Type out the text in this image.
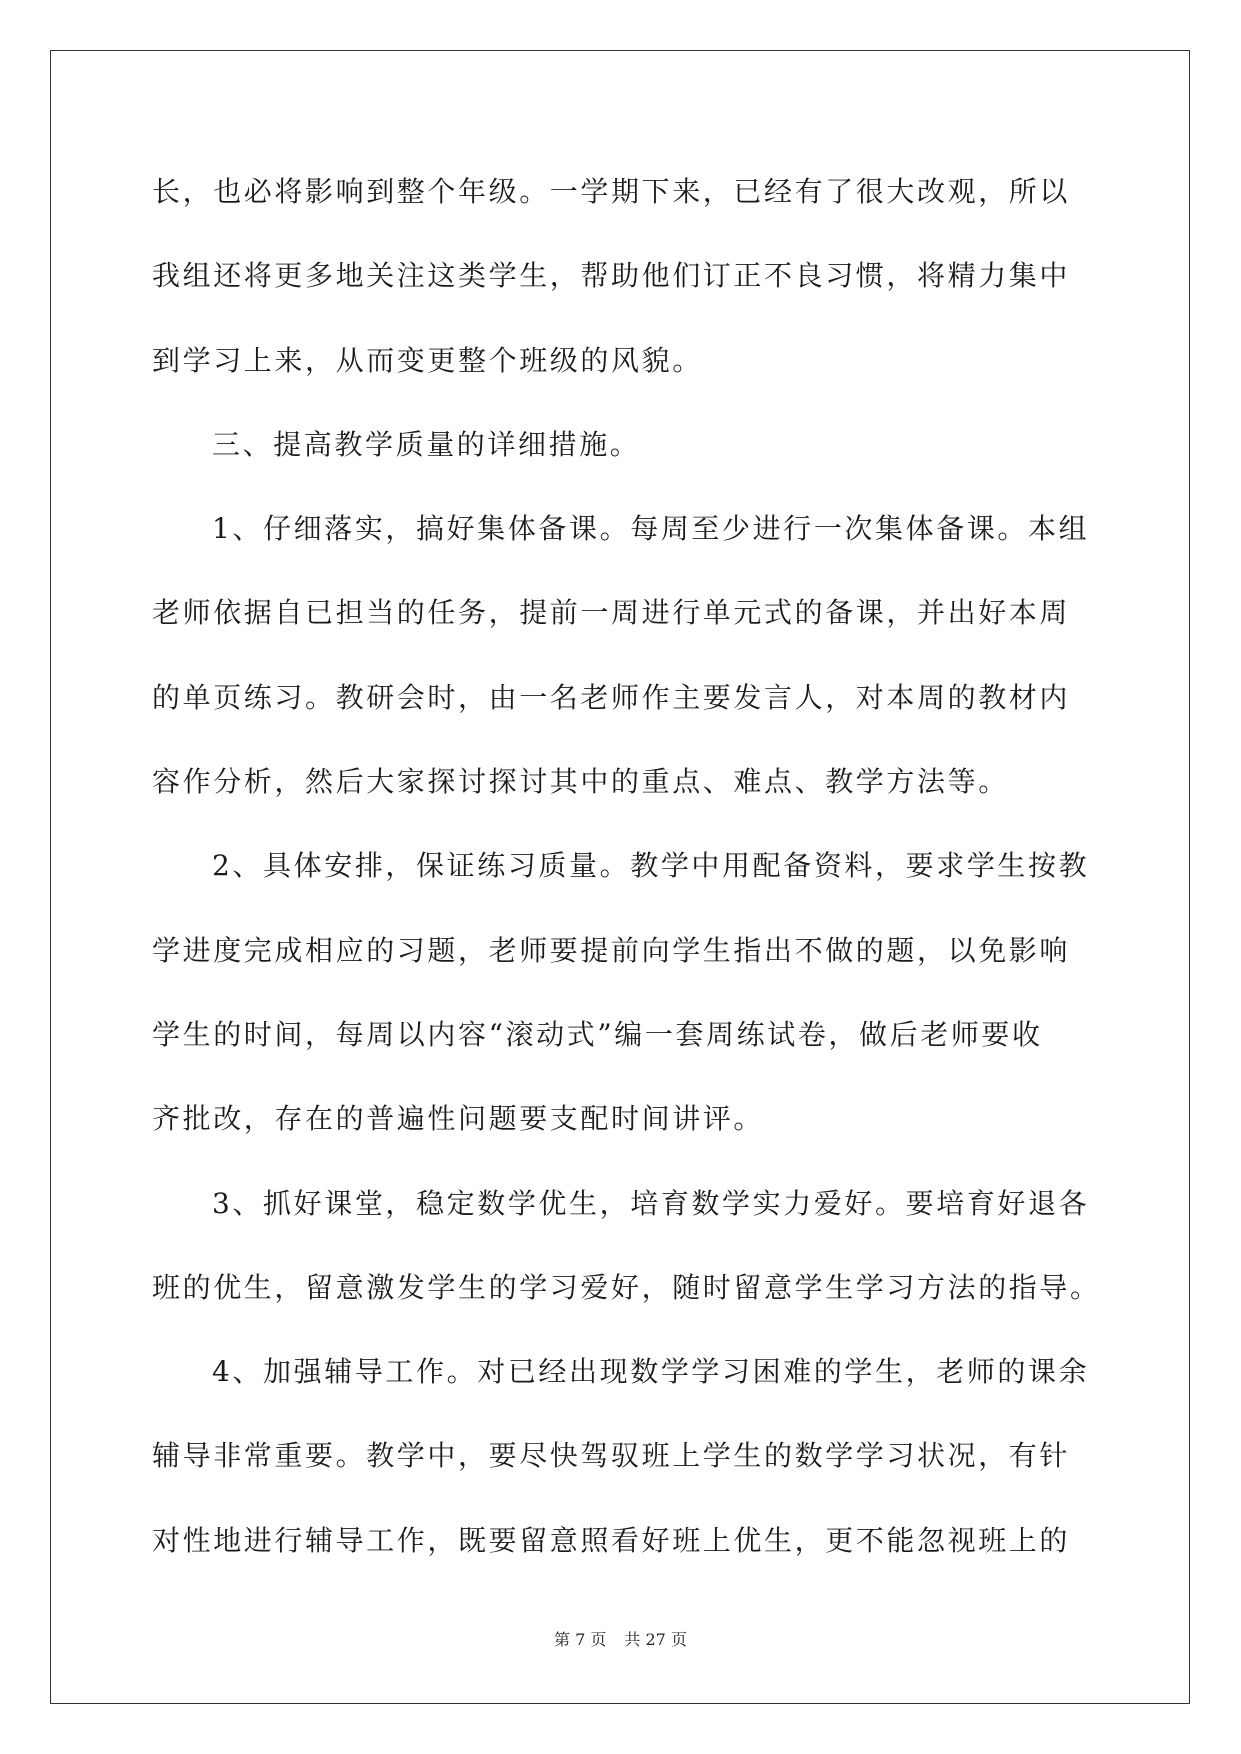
长，也必将影响到整个年级。一学期下来，已经有了很大改观，所以
我组还将更多地关注这类学生，帮助他们订正不良习惯，将精力集中
到学习上来，从而变更整个班级的风貌。
三、提高教学质量的详细措施。
1、仔细落实，搞好集体备课。每周至少进行一次集体备课。本组
老师依据自已担当的任务，提前一周进行单元式的备课，并出好本周
的单页练习。教研会时，由一名老师作主要发言人，对本周的教材内
容作分析，然后大家探讨探讨其中的重点、难点、教学方法等。
2、具体安排，保证练习质量。教学中用配备资料，要求学生按教
学进度完成相应的习题，老师要提前向学生指出不做的题，以免影响
学生的时间，每周以内容“滚动式”编一套周练试卷，做后老师要收
齐批改，存在的普遍性问题要支配时间讲评。
3、抓好课堂，稳定数学优生，培育数学实力爱好。要培育好退各
班的优生，留意激发学生的学习爱好，随时留意学生学习方法的指导。
4、加强辅导工作。对已经出现数学学习困难的学生，老师的课余
辅导非常重要。教学中，要尽快驾驭班上学生的数学学习状况，有针
对性地进行辅导工作，既要留意照看好班上优生，更不能忽视班上的
第 7 页 共 27 页
